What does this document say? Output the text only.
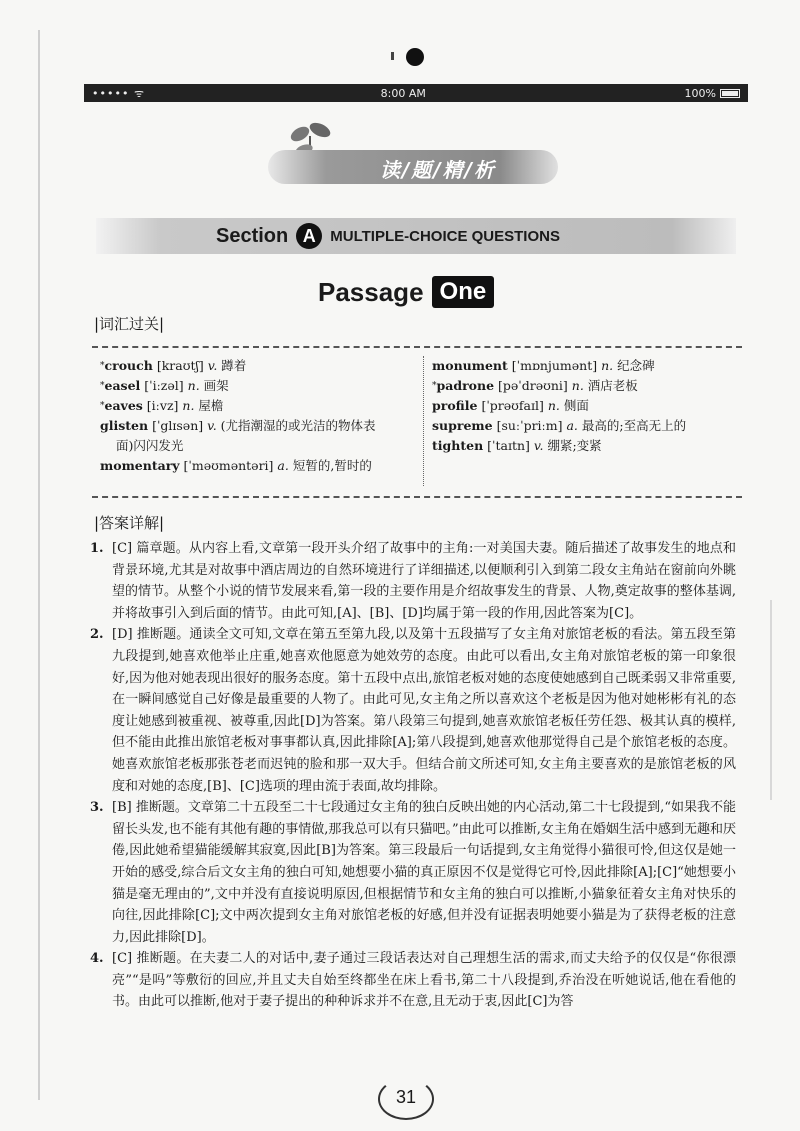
••••• ᯤ	8:00 AM	100%
读/题/精/析
Section A MULTIPLE-CHOICE QUESTIONS
Passage One
|词汇过关|
*crouch [kraʊtʃ] v. 蹲着
*easel [ˈiːzəl] n. 画架
*eaves [iːvz] n. 屋檐
glisten [ˈglɪsən] v. (尤指潮湿的或光洁的物体表
面)闪闪发光
momentary [ˈməʊməntəri] a. 短暂的,暂时的
monument [ˈmɒnjumənt] n. 纪念碑
*padrone [pəˈdrəʊni] n. 酒店老板
profile [ˈprəʊfaɪl] n. 侧面
supreme [suːˈpriːm] a. 最高的;至高无上的
tighten [ˈtaɪtn] v. 绷紧;变紧
|答案详解|
1. [C] 篇章题。从内容上看,文章第一段开头介绍了故事中的主角:一对美国夫妻。随后描述了故事发生的地点和背景环境,尤其是对故事中酒店周边的自然环境进行了详细描述,以便顺利引入到第二段女主角站在窗前向外眺望的情节。从整个小说的情节发展来看,第一段的主要作用是介绍故事发生的背景、人物,奠定故事的整体基调,并将故事引入到后面的情节。由此可知,[A]、[B]、[D]均属于第一段的作用,因此答案为[C]。
2. [D] 推断题。通读全文可知,文章在第五至第九段,以及第十五段描写了女主角对旅馆老板的看法。第五段至第九段提到,她喜欢他举止庄重,她喜欢他愿意为她效劳的态度。由此可以看出,女主角对旅馆老板的第一印象很好,因为他对她表现出很好的服务态度。第十五段中点出,旅馆老板对她的态度使她感到自己既柔弱又非常重要,在一瞬间感觉自己好像是最重要的人物了。由此可见,女主角之所以喜欢这个老板是因为他对她彬彬有礼的态度让她感到被重视、被尊重,因此[D]为答案。第八段第三句提到,她喜欢旅馆老板任劳任怨、极其认真的模样,但不能由此推出旅馆老板对事事都认真,因此排除[A];第八段提到,她喜欢他那觉得自己是个旅馆老板的态度。她喜欢旅馆老板那张苍老而迟钝的脸和那一双大手。但结合前文所述可知,女主角主要喜欢的是旅馆老板的风度和对她的态度,[B]、[C]选项的理由流于表面,故均排除。
3. [B] 推断题。文章第二十五段至二十七段通过女主角的独白反映出她的内心活动,第二十七段提到,“如果我不能留长头发,也不能有其他有趣的事情做,那我总可以有只猫吧。”由此可以推断,女主角在婚姻生活中感到无趣和厌倦,因此她希望猫能缓解其寂寞,因此[B]为答案。第三段最后一句话提到,女主角觉得小猫很可怜,但这仅是她一开始的感受,综合后文女主角的独白可知,她想要小猫的真正原因不仅是觉得它可怜,因此排除[A];[C]“她想要小猫是毫无理由的”,文中并没有直接说明原因,但根据情节和女主角的独白可以推断,小猫象征着女主角对快乐的向往,因此排除[C];文中两次提到女主角对旅馆老板的好感,但并没有证据表明她要小猫是为了获得老板的注意力,因此排除[D]。
4. [C] 推断题。在夫妻二人的对话中,妻子通过三段话表达对自己理想生活的需求,而丈夫给予的仅仅是“你很漂亮”“是吗”等敷衍的回应,并且丈夫自始至终都坐在床上看书,第二十八段提到,乔治没在听她说话,他在看他的书。由此可以推断,他对于妻子提出的种种诉求并不在意,且无动于衷,因此[C]为答
31
